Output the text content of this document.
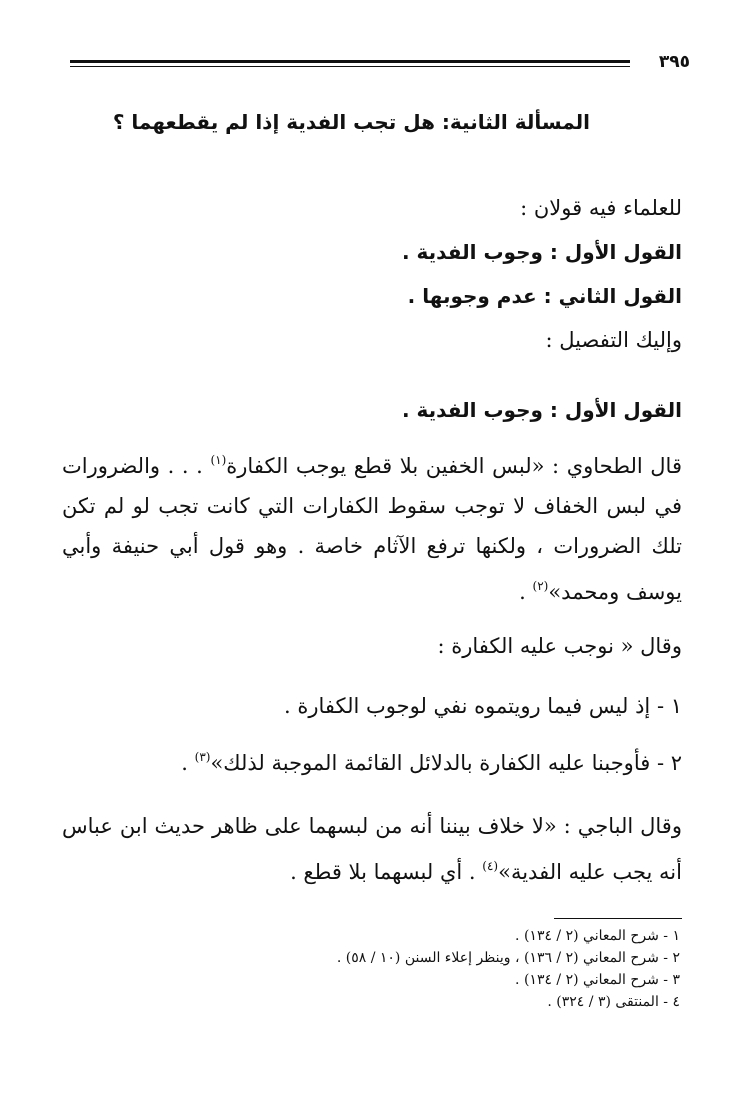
٣٩٥
المسألة الثانية: هل تجب الفدية إذا لم يقطعهما ؟
للعلماء فيه قولان :
القول الأول : وجوب الفدية .
القول الثاني : عدم وجوبها .
وإليك التفصيل :
القول الأول : وجوب الفدية .
قال الطحاوي : «لبس الخفين بلا قطع يوجب الكفارة$^{(١)}$ . . . والضرورات في لبس الخفاف لا توجب سقوط الكفارات التي كانت تجب لو لم تكن تلك الضرورات ، ولكنها ترفع الآثام خاصة . وهو قول أبي حنيفة وأبي يوسف ومحمد»$^{(٢)}$ .
وقال « نوجب عليه الكفارة :
١ - إذ ليس فيما رويتموه نفي لوجوب الكفارة .
٢ - فأوجبنا عليه الكفارة بالدلائل القائمة الموجبة لذلك»$^{(٣)}$ .
وقال الباجي : «لا خلاف بيننا أنه من لبسهما على ظاهر حديث ابن عباس أنه يجب عليه الفدية»$^{(٤)}$ . أي لبسهما بلا قطع .
١ - شرح المعاني (٢ / ١٣٤) .
٢ - شرح المعاني (٢ / ١٣٦) ، وينظر إعلاء السنن (١٠ / ٥٨) .
٣ - شرح المعاني (٢ / ١٣٤) .
٤ - المنتقى (٣ / ٣٢٤) .
